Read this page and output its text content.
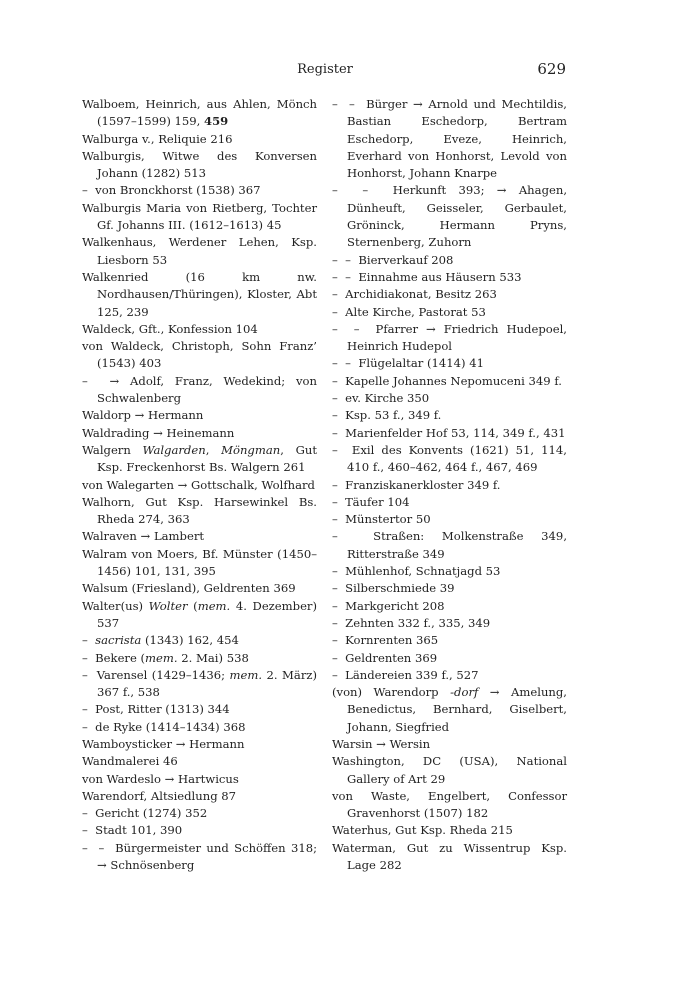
Register	629

Walboem, Heinrich, aus Ahlen, Mönch (1597–1599) 159, 459

Walburga v., Reliquie 216

Walburgis, Witwe des Konversen Johann (1282) 513

–  von Bronckhorst (1538) 367

Walburgis Maria von Rietberg, Tochter Gf. Johanns III. (1612–1613) 45

Walkenhaus, Werdener Lehen, Ksp. Liesborn 53

Walkenried (16 km nw. Nordhausen/Thüringen), Kloster, Abt 125, 239

Waldeck, Gft., Konfession 104

von Waldeck, Christoph, Sohn Franz’ (1543) 403

–  → Adolf, Franz, Wedekind; von Schwalenberg

Waldorp → Hermann

Waldrading → Heinemann

Walgern Walgarden, Möngman, Gut Ksp. Freckenhorst Bs. Walgern 261

von Walegarten → Gottschalk, Wolfhard

Walhorn, Gut Ksp. Harsewinkel Bs. Rheda 274, 363

Walraven → Lambert

Walram von Moers, Bf. Münster (1450–1456) 101, 131, 395

Walsum (Friesland), Geldrenten 369

Walter(us) Wolter (mem. 4. Dezember) 537

–  sacrista (1343) 162, 454

–  Bekere (mem. 2. Mai) 538

–  Varensel (1429–1436; mem. 2. März) 367 f., 538

–  Post, Ritter (1313) 344

–  de Ryke (1414–1434) 368

Wamboysticker → Hermann

Wandmalerei 46

von Wardeslo → Hartwicus

Warendorf, Altsiedlung 87

–  Gericht (1274) 352

–  Stadt 101, 390

–  –  Bürgermeister und Schöffen 318; → Schnösenberg

–  –  Bürger → Arnold und Mechtildis, Bastian Eschedorp, Bertram Eschedorp, Eveze, Heinrich, Everhard von Honhorst, Levold von Honhorst, Johann Knarpe

–  –  Herkunft 393; → Ahagen, Dünheuft, Geisseler, Gerbaulet, Gröninck, Hermann Pryns, Sternenberg, Zuhorn

–  –  Bierverkauf 208

–  –  Einnahme aus Häusern 533

–  Archidiakonat, Besitz 263

–  Alte Kirche, Pastorat 53

–  –  Pfarrer → Friedrich Hudepoel, Heinrich Hudepol

–  –  Flügelaltar (1414) 41

–  Kapelle Johannes Nepomuceni 349 f.

–  ev. Kirche 350

–  Ksp. 53 f., 349 f.

–  Marienfelder Hof 53, 114, 349 f., 431

–  Exil des Konvents (1621) 51, 114, 410 f., 460–462, 464 f., 467, 469

–  Franziskanerkloster 349 f.

–  Täufer 104

–  Münstertor 50

–  Straßen: Molkenstraße 349, Ritterstraße 349

–  Mühlenhof, Schnatjagd 53

–  Silberschmiede 39

–  Markgericht 208

–  Zehnten 332 f., 335, 349

–  Kornrenten 365

–  Geldrenten 369

–  Ländereien 339 f., 527

(von) Warendorp -dorf → Amelung, Benedictus, Bernhard, Giselbert, Johann, Siegfried

Warsin → Wersin

Washington, DC (USA), National Gallery of Art 29

von Waste, Engelbert, Confessor Gravenhorst (1507) 182

Waterhus, Gut Ksp. Rheda 215

Waterman, Gut zu Wissentrup Ksp. Lage 282
